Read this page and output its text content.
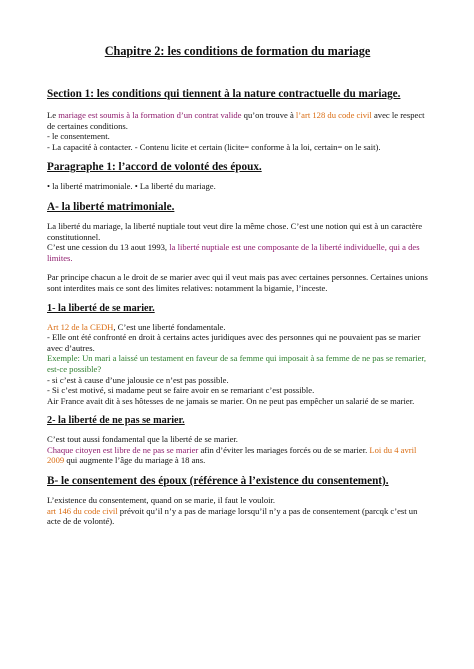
Chapitre 2: les conditions de formation du mariage
Section 1: les conditions qui tiennent à la nature contractuelle du mariage.

Le mariage est soumis à la formation d’un contrat valide qu’on trouve à l’art 128 du code civil avec le respect de certaines conditions.

- le consentement.

- La capacité à contacter. - Contenu licite et certain (licite= conforme à la loi, certain= on le sait).

Paragraphe 1: l’accord de volonté des époux.

• la liberté matrimoniale. • La liberté du mariage.

A- la liberté matrimoniale.

La liberté du mariage, la liberté nuptiale tout veut dire la même chose. C’est une notion qui est à un caractère constitutionnel.

C’est une cession du 13 aout 1993, la liberté nuptiale est une composante de la liberté individuelle, qui a des limites.

Par principe chacun a le droit de se marier avec qui il veut mais pas avec certaines personnes. Certaines unions sont interdites mais ce sont des limites relatives: notamment la bigamie, l’inceste.

1- la liberté de se marier.

Art 12 de la CEDH, C’est une liberté fondamentale.

- Elle ont été confronté en droit à certains actes juridiques avec des personnes qui ne pouvaient pas se marier avec d’autres.

Exemple: Un mari a laissé un testament en faveur de sa femme qui imposait à sa femme de ne pas se remarier, est-ce possible?

- si c’est à cause d’une jalousie ce n’est pas possible.

- Si c’est motivé, si madame peut se faire avoir en se remariant c’est possible.

Air France avait dit à ses hôtesses de ne jamais se marier. On ne peut pas empêcher un salarié de se marier.

2- la liberté de ne pas se marier.

C’est tout aussi fondamental que la liberté de se marier.

Chaque citoyen est libre de ne pas se marier afin d’éviter les mariages forcés ou de se marier. Loi du 4 avril 2009 qui augmente l’âge du mariage à 18 ans.

B- le consentement des époux (référence à l’existence du consentement).

L’existence du consentement, quand on se marie, il faut le vouloir.

art 146 du code civil prévoit qu’il n’y a pas de mariage lorsqu’il n’y a pas de consentement (parcqk c’est un acte de de volonté).
